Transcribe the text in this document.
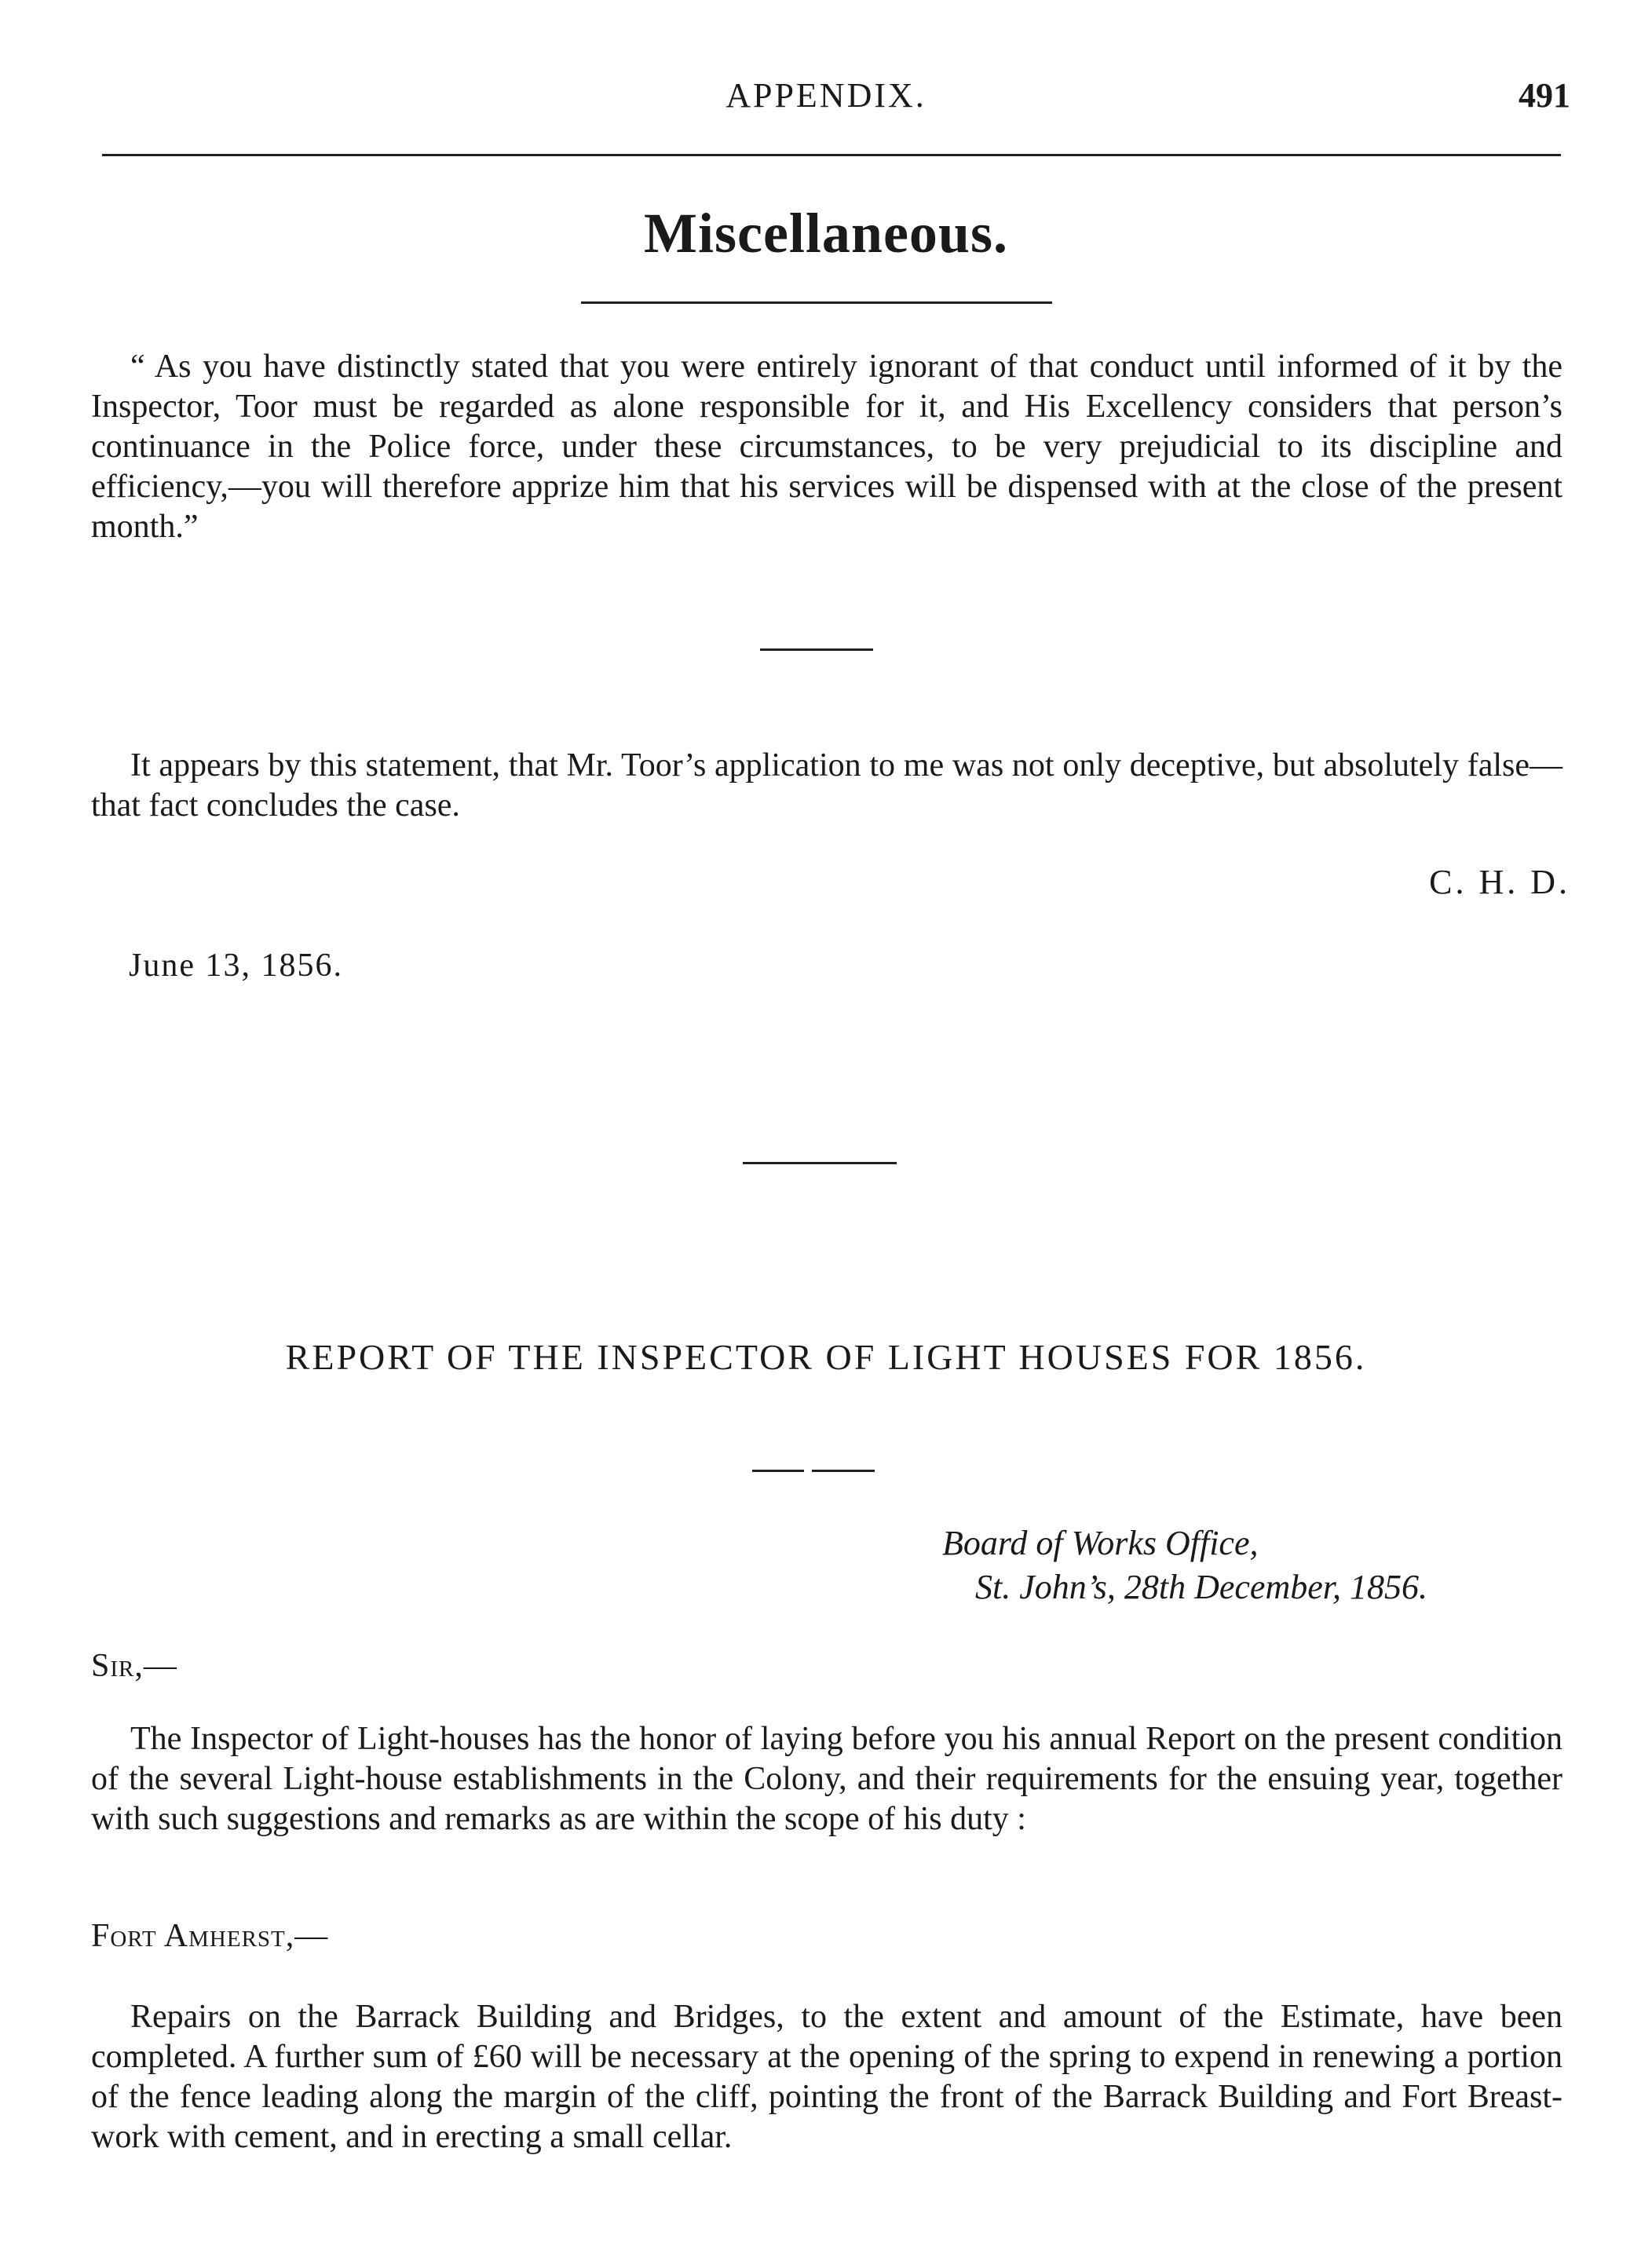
APPENDIX.	491
Miscellaneous.

“ As you have distinctly stated that you were entirely ignorant of that conduct until informed of it by the Inspector, Toor must be regarded as alone responsible for it, and His Excellency considers that person’s continuance in the Police force, under these circumstances, to be very prejudicial to its discipline and efficiency,—you will therefore apprize him that his services will be dispensed with at the close of the present month.”

It appears by this statement, that Mr. Toor’s application to me was not only deceptive, but absolutely false—that fact concludes the case.

C. H. D.
June 13, 1856.
REPORT OF THE INSPECTOR OF LIGHT HOUSES FOR 1856.
Board of Works Office,
St. John’s, 28th December, 1856.
Sir,—

The Inspector of Light-houses has the honor of laying before you his annual Report on the present condition of the several Light-house establishments in the Colony, and their requirements for the ensuing year, together with such suggestions and remarks as are within the scope of his duty :

Fort Amherst,—

Repairs on the Barrack Building and Bridges, to the extent and amount of the Estimate, have been completed. A further sum of £60 will be necessary at the opening of the spring to expend in renewing a portion of the fence leading along the margin of the cliff, pointing the front of the Barrack Building and Fort Breast-work with cement, and in erecting a small cellar.
